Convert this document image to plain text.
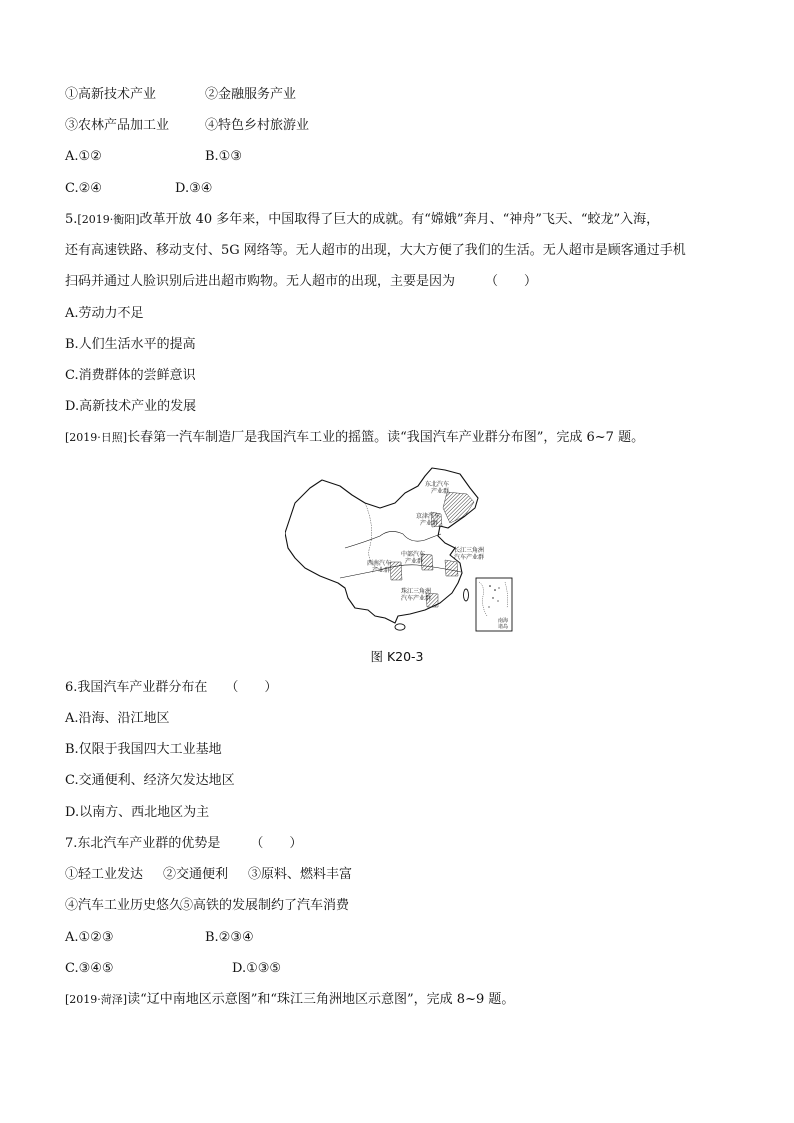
①高新技术产业	②金融服务产业
③农林产品加工业	④特色乡村旅游业
A.①②	B.①③
C.②④	D.③④
5.[2019·衡阳]改革开放 40 多年来，中国取得了巨大的成就。有“嫦娥”奔月、“神舟”飞天、“蛟龙”入海，
还有高速铁路、移动支付、5G 网络等。无人超市的出现，大大方便了我们的生活。无人超市是顾客通过手机
扫码并通过人脸识别后进出超市购物。无人超市的出现，主要是因为 （　　）
A.劳动力不足
B.人们生活水平的提高
C.消费群体的尝鲜意识
D.高新技术产业的发展
[2019·日照]长春第一汽车制造厂是我国汽车工业的摇篮。读“我国汽车产业群分布图”，完成 6~7 题。
东北汽车
产业群
京津汽车
产业群
中部汽车
产业群
长江三角洲
汽车产业群
西南汽车
产业群
珠江三角洲
汽车产业群
南海
诸岛
图 K20-3
6.我国汽车产业群分布在 （　　）
A.沿海、沿江地区
B.仅限于我国四大工业基地
C.交通便利、经济欠发达地区
D.以南方、西北地区为主
7.东北汽车产业群的优势是 （　　）
①轻工业发达 ②交通便利 ③原料、燃料丰富
④汽车工业历史悠久
⑤高铁的发展制约了汽车消费
A.①②③	B.②③④
C.③④⑤	D.①③⑤
[2019·菏泽]读“辽中南地区示意图”和“珠江三角洲地区示意图”，完成 8~9 题。
